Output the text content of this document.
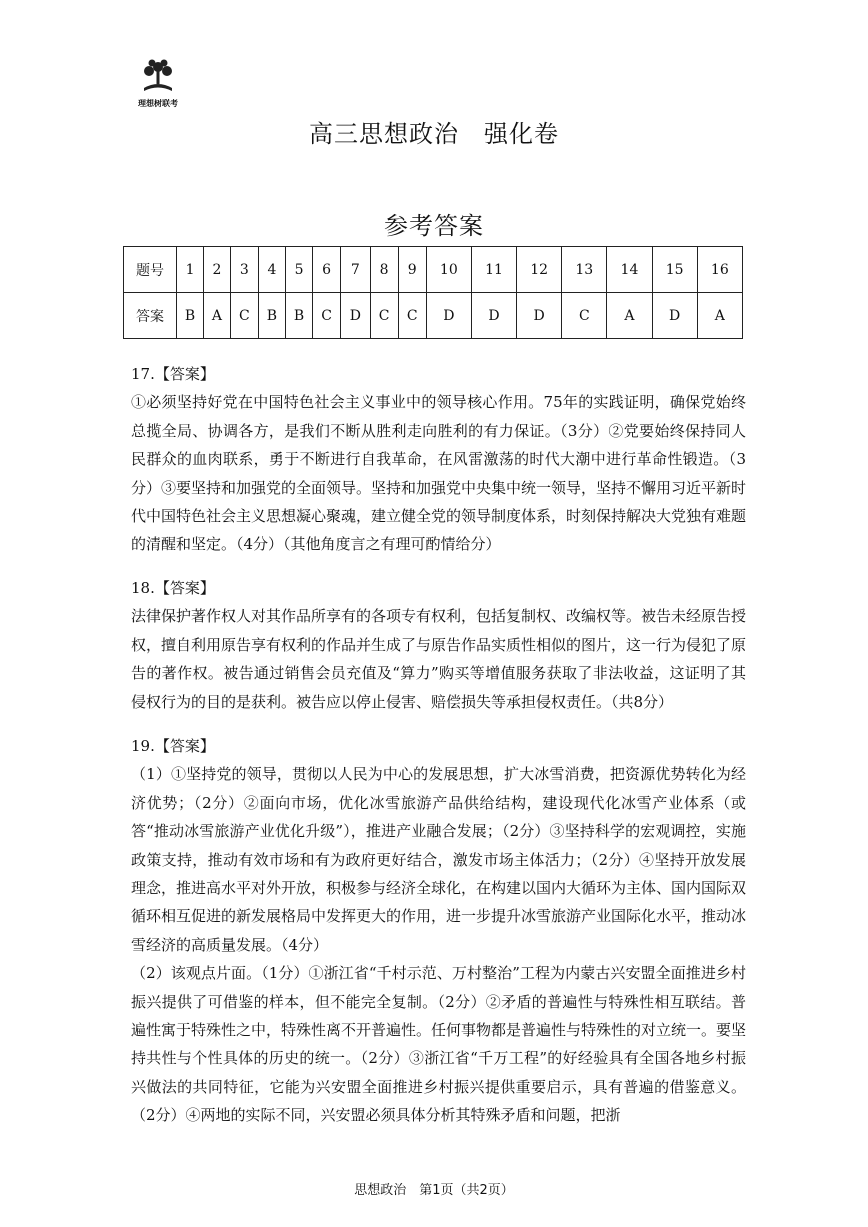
理想树联考
高三思想政治　强化卷
参考答案
题号	1	2	3	4	5	6	7	8	9	10	11	12	13	14	15	16
答案	B	A	C	B	B	C	D	C	C	D	D	D	C	A	D	A
17.【答案】

①必须坚持好党在中国特色社会主义事业中的领导核心作用。75年的实践证明，确保党始终总揽全局、协调各方，是我们不断从胜利走向胜利的有力保证。（3分）②党要始终保持同人民群众的血肉联系，勇于不断进行自我革命，在风雷激荡的时代大潮中进行革命性锻造。（3分）③要坚持和加强党的全面领导。坚持和加强党中央集中统一领导，坚持不懈用习近平新时代中国特色社会主义思想凝心聚魂，建立健全党的领导制度体系，时刻保持解决大党独有难题的清醒和坚定。（4分）（其他角度言之有理可酌情给分）

18.【答案】

法律保护著作权人对其作品所享有的各项专有权利，包括复制权、改编权等。被告未经原告授权，擅自利用原告享有权利的作品并生成了与原告作品实质性相似的图片，这一行为侵犯了原告的著作权。被告通过销售会员充值及“算力”购买等增值服务获取了非法收益，这证明了其侵权行为的目的是获利。被告应以停止侵害、赔偿损失等承担侵权责任。（共8分）

19.【答案】

（1）①坚持党的领导，贯彻以人民为中心的发展思想，扩大冰雪消费，把资源优势转化为经济优势；（2分）②面向市场，优化冰雪旅游产品供给结构，建设现代化冰雪产业体系（或答“推动冰雪旅游产业优化升级”），推进产业融合发展；（2分）③坚持科学的宏观调控，实施政策支持，推动有效市场和有为政府更好结合，激发市场主体活力；（2分）④坚持开放发展理念，推进高水平对外开放，积极参与经济全球化，在构建以国内大循环为主体、国内国际双循环相互促进的新发展格局中发挥更大的作用，进一步提升冰雪旅游产业国际化水平，推动冰雪经济的高质量发展。（4分）

（2）该观点片面。（1分）①浙江省“千村示范、万村整治”工程为内蒙古兴安盟全面推进乡村振兴提供了可借鉴的样本，但不能完全复制。（2分）②矛盾的普遍性与特殊性相互联结。普遍性寓于特殊性之中，特殊性离不开普遍性。任何事物都是普遍性与特殊性的对立统一。要坚持共性与个性具体的历史的统一。（2分）③浙江省“千万工程”的好经验具有全国各地乡村振兴做法的共同特征，它能为兴安盟全面推进乡村振兴提供重要启示，具有普遍的借鉴意义。（2分）④两地的实际不同，兴安盟必须具体分析其特殊矛盾和问题，把浙

思想政治　第1页（共2页）
